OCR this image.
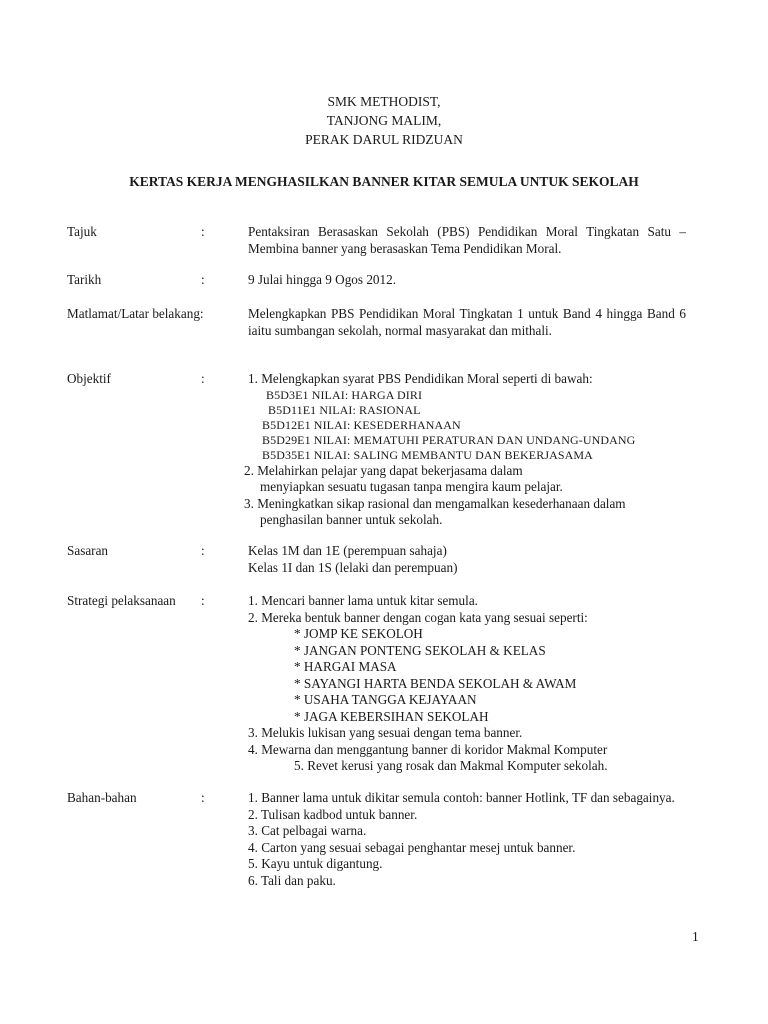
SMK METHODIST,
TANJONG MALIM,
PERAK DARUL RIDZUAN
KERTAS KERJA MENGHASILKAN BANNER KITAR SEMULA UNTUK SEKOLAH
Tajuk	:	Pentaksiran Berasaskan Sekolah (PBS) Pendidikan Moral Tingkatan Satu – Membina banner yang berasaskan Tema Pendidikan Moral.
Tarikh	:	9 Julai hingga 9 Ogos 2012.
Matlamat/Latar belakang:	Melengkapkan PBS Pendidikan Moral Tingkatan 1 untuk Band 4 hingga Band 6 iaitu sumbangan sekolah, normal masyarakat dan mithali.
Objektif	:	1. Melengkapkan syarat PBS Pendidikan Moral seperti di bawah:
B5D3E1 NILAI: HARGA DIRI
B5D11E1 NILAI: RASIONAL
B5D12E1 NILAI: KESEDERHANAAN
B5D29E1 NILAI: MEMATUHI PERATURAN DAN UNDANG-UNDANG
B5D35E1 NILAI: SALING MEMBANTU DAN BEKERJASAMA
2. Melahirkan pelajar yang dapat bekerjasama dalam
menyiapkan sesuatu tugasan tanpa mengira kaum pelajar.
3. Meningkatkan sikap rasional dan mengamalkan kesederhanaan dalam
penghasilan banner untuk sekolah.
Sasaran	:	Kelas 1M dan 1E (perempuan sahaja)
Kelas 1I dan 1S (lelaki dan perempuan)
Strategi pelaksanaan :	1. Mencari banner lama untuk kitar semula.
2. Mereka bentuk banner dengan cogan kata yang sesuai seperti:
* JOMP KE SEKOLOH
* JANGAN PONTENG SEKOLAH & KELAS
* HARGAI MASA
* SAYANGI HARTA BENDA SEKOLAH & AWAM
* USAHA TANGGA KEJAYAAN
* JAGA KEBERSIHAN SEKOLAH
3. Melukis lukisan yang sesuai dengan tema banner.
4. Mewarna dan menggantung banner di koridor Makmal Komputer
5. Revet kerusi yang rosak dan Makmal Komputer sekolah.
Bahan-bahan	:	1. Banner lama untuk dikitar semula contoh: banner Hotlink, TF dan sebagainya.
2. Tulisan kadbod untuk banner.
3. Cat pelbagai warna.
4. Carton yang sesuai sebagai penghantar mesej untuk banner.
5. Kayu untuk digantung.
6. Tali dan paku.
1
